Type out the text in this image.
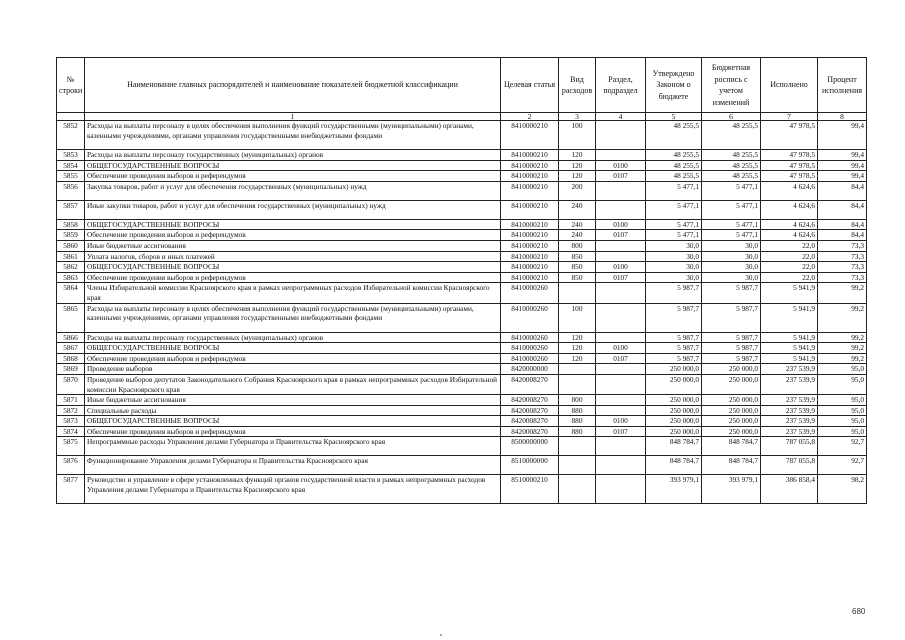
№ строки	Наименование главных распорядителей и наименование показателей бюджетной классификации	Целевая статья	Вид расходов	Раздел, подраздел	Утверждено Законом о бюджете	Бюджетная роспись с учетом изменений	Исполнено	Процент исполнения
	1	2	3	4	5	6	7	8
5852	Расходы на выплаты персоналу в целях обеспечения выполнения функций государственными (муниципальными) органами, казенными учреждениями, органами управления государственными внебюджетными фондами	8410000210	100		48 255,5	48 255,5	47 978,5	99,4
5853	Расходы на выплаты персоналу государственных (муниципальных) органов	8410000210	120		48 255,5	48 255,5	47 978,5	99,4
5854	ОБЩЕГОСУДАРСТВЕННЫЕ ВОПРОСЫ	8410000210	120	0100	48 255,5	48 255,5	47 978,5	99,4
5855	Обеспечение проведения выборов и референдумов	8410000210	120	0107	48 255,5	48 255,5	47 978,5	99,4
5856	Закупка товаров, работ и услуг для обеспечения государственных (муниципальных) нужд	8410000210	200		5 477,1	5 477,1	4 624,6	84,4
5857	Иные закупки товаров, работ и услуг для обеспечения государственных (муниципальных) нужд	8410000210	240		5 477,1	5 477,1	4 624,6	84,4
5858	ОБЩЕГОСУДАРСТВЕННЫЕ ВОПРОСЫ	8410000210	240	0100	5 477,1	5 477,1	4 624,6	84,4
5859	Обеспечение проведения выборов и референдумов	8410000210	240	0107	5 477,1	5 477,1	4 624,6	84,4
5860	Иные бюджетные ассигнования	8410000210	800		30,0	30,0	22,0	73,3
5861	Уплата налогов, сборов и иных платежей	8410000210	850		30,0	30,0	22,0	73,3
5862	ОБЩЕГОСУДАРСТВЕННЫЕ ВОПРОСЫ	8410000210	850	0100	30,0	30,0	22,0	73,3
5863	Обеспечение проведения выборов и референдумов	8410000210	850	0107	30,0	30,0	22,0	73,3
5864	Члены Избирательной комиссии Красноярского края в рамках непрограммных расходов Избирательной комиссии Красноярского края	8410000260			5 987,7	5 987,7	5 941,9	99,2
5865	Расходы на выплаты персоналу в целях обеспечения выполнения функций государственными (муниципальными) органами, казенными учреждениями, органами управления государственными внебюджетными фондами	8410000260	100		5 987,7	5 987,7	5 941,9	99,2
5866	Расходы на выплаты персоналу государственных (муниципальных) органов	8410000260	120		5 987,7	5 987,7	5 941,9	99,2
5867	ОБЩЕГОСУДАРСТВЕННЫЕ ВОПРОСЫ	8410000260	120	0100	5 987,7	5 987,7	5 941,9	99,2
5868	Обеспечение проведения выборов и референдумов	8410000260	120	0107	5 987,7	5 987,7	5 941,9	99,2
5869	Проведение выборов	8420000000			250 000,0	250 000,0	237 539,9	95,0
5870	Проведение выборов депутатов Законодательного Собрания Красноярского края в рамках непрограммных расходов Избирательной комиссии Красноярского края	8420008270			250 000,0	250 000,0	237 539,9	95,0
5871	Иные бюджетные ассигнования	8420008270	800		250 000,0	250 000,0	237 539,9	95,0
5872	Специальные расходы	8420008270	880		250 000,0	250 000,0	237 539,9	95,0
5873	ОБЩЕГОСУДАРСТВЕННЫЕ ВОПРОСЫ	8420008270	880	0100	250 000,0	250 000,0	237 539,9	95,0
5874	Обеспечение проведения выборов и референдумов	8420008270	880	0107	250 000,0	250 000,0	237 539,9	95,0
5875	Непрограммные расходы Управления делами Губернатора и Правительства Красноярского края	8500000000			848 784,7	848 784,7	787 055,8	92,7
5876	Функционирование Управления делами Губернатора и Правительства Красноярского края	8510000000			848 784,7	848 784,7	787 055,8	92,7
5877	Руководство и управление в сфере установленных функций органов государственной власти в рамках непрограммных расходов Управления делами Губернатора и Правительства Красноярского края	8510000210			393 979,1	393 979,1	386 858,4	98,2
680
